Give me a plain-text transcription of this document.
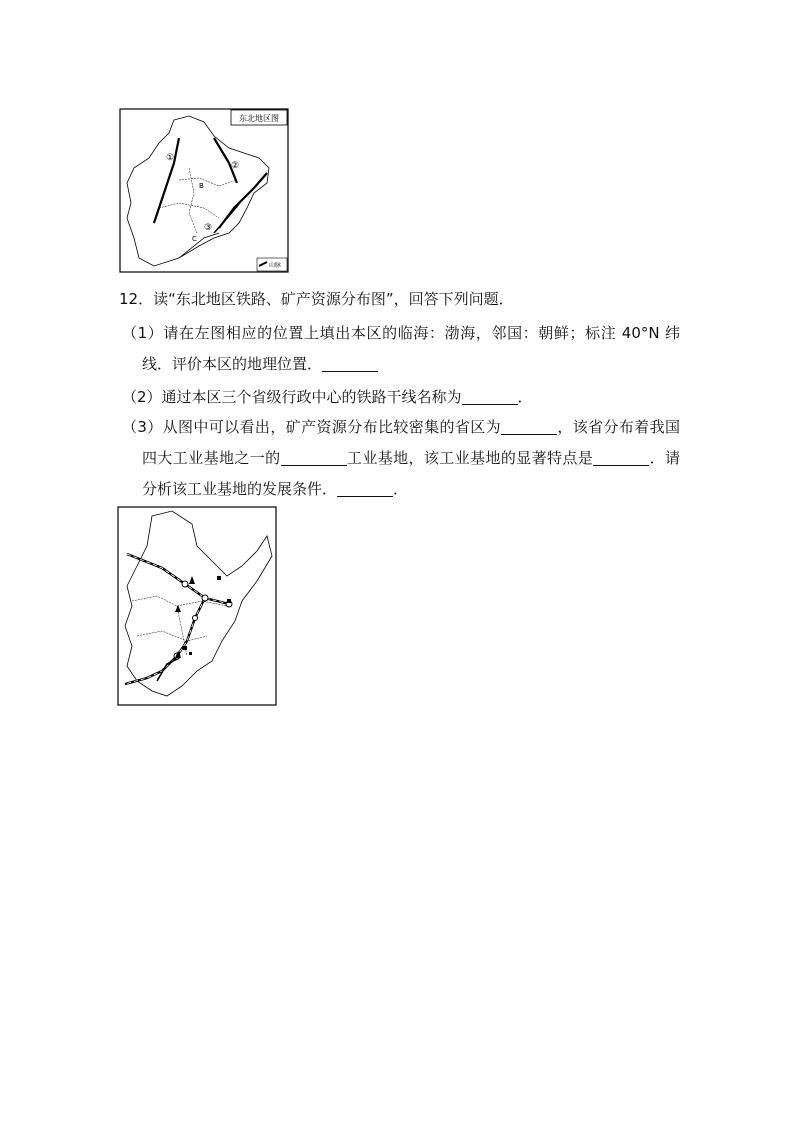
东北地区图
①
②
③
B
C
山脉
12．读“东北地区铁路、矿产资源分布图”，回答下列问题．
（1）请在左图相应的位置上填出本区的临海：渤海，邻国：朝鲜；标注 40°N 纬线．评价本区的地理位置．
（2）通过本区三个省级行政中心的铁路干线名称为	．
（3）从图中可以看出，矿产资源分布比较密集的省区为	，该省分布着我国四大工业基地之一的	工业基地，该工业基地的显著特点是	．请分析该工业基地的发展条件．	．
